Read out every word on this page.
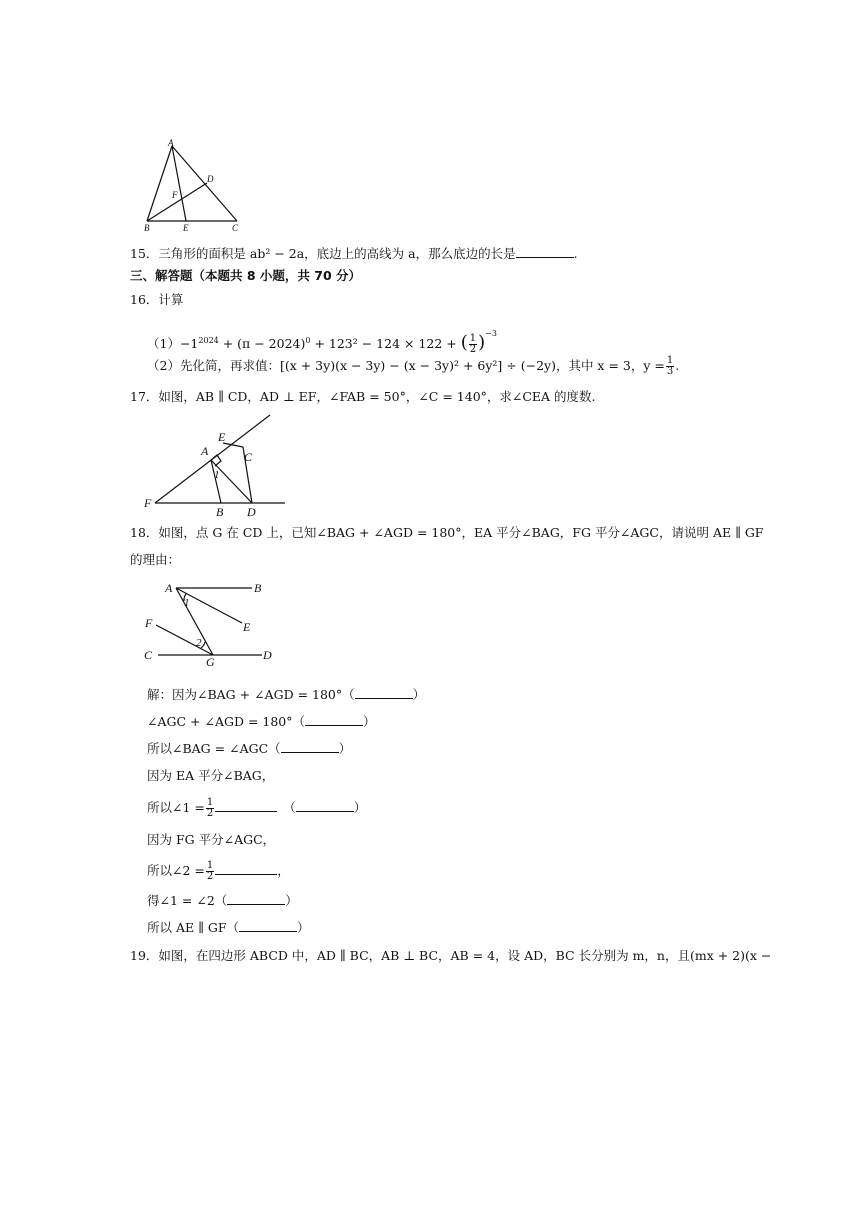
A
D
F
B	E	C
15．三角形的面积是 ab² − 2a，底边上的高线为 a，那么底边的长是	.
三、解答题（本题共 8 小题，共 70 分）
16．计算
$(1)-1^{2024} + (\pi - 2024)^0 + 123^2 - 124 \times 122$ + ( $\frac{1}{2} )^{-3}$
（2）先化简，再求值：[(x + 3y)(x − 3y) − (x − 3y)² + 6y²] ÷ (−2y)，其中 x = 3，$y = \frac{1}{3}$ .
17．如图，AB ∥ CD，AD ⊥ EF，∠FAB = 50°，∠C = 140°，求∠CEA 的度数.
E
A	C
1
F
B D
18．如图，点 G 在 CD 上，已知∠BAG + ∠AGD = 180°，EA 平分∠BAG，FG 平分∠AGC，请说明 AE ∥ GF
的理由：
A	B
1
F	E
2
C	G	D
解：因为∠BAG + ∠AGD = 180°（	）
∠AGC + ∠AGD = 180°（	）
所以∠BAG = ∠AGC（	）
因为 EA 平分∠BAG，
所以∠1 = $\frac{1}{2}$	（	）
因为 FG 平分∠AGC，
所以∠2 = $\frac{1}{2}$	，
得∠1 = ∠2（	）
所以 AE ∥ GF（	）
19．如图，在四边形 ABCD 中，AD ∥ BC，AB ⊥ BC，AB = 4，设 AD，BC 长分别为 m，n，且(mx + 2)(x −
